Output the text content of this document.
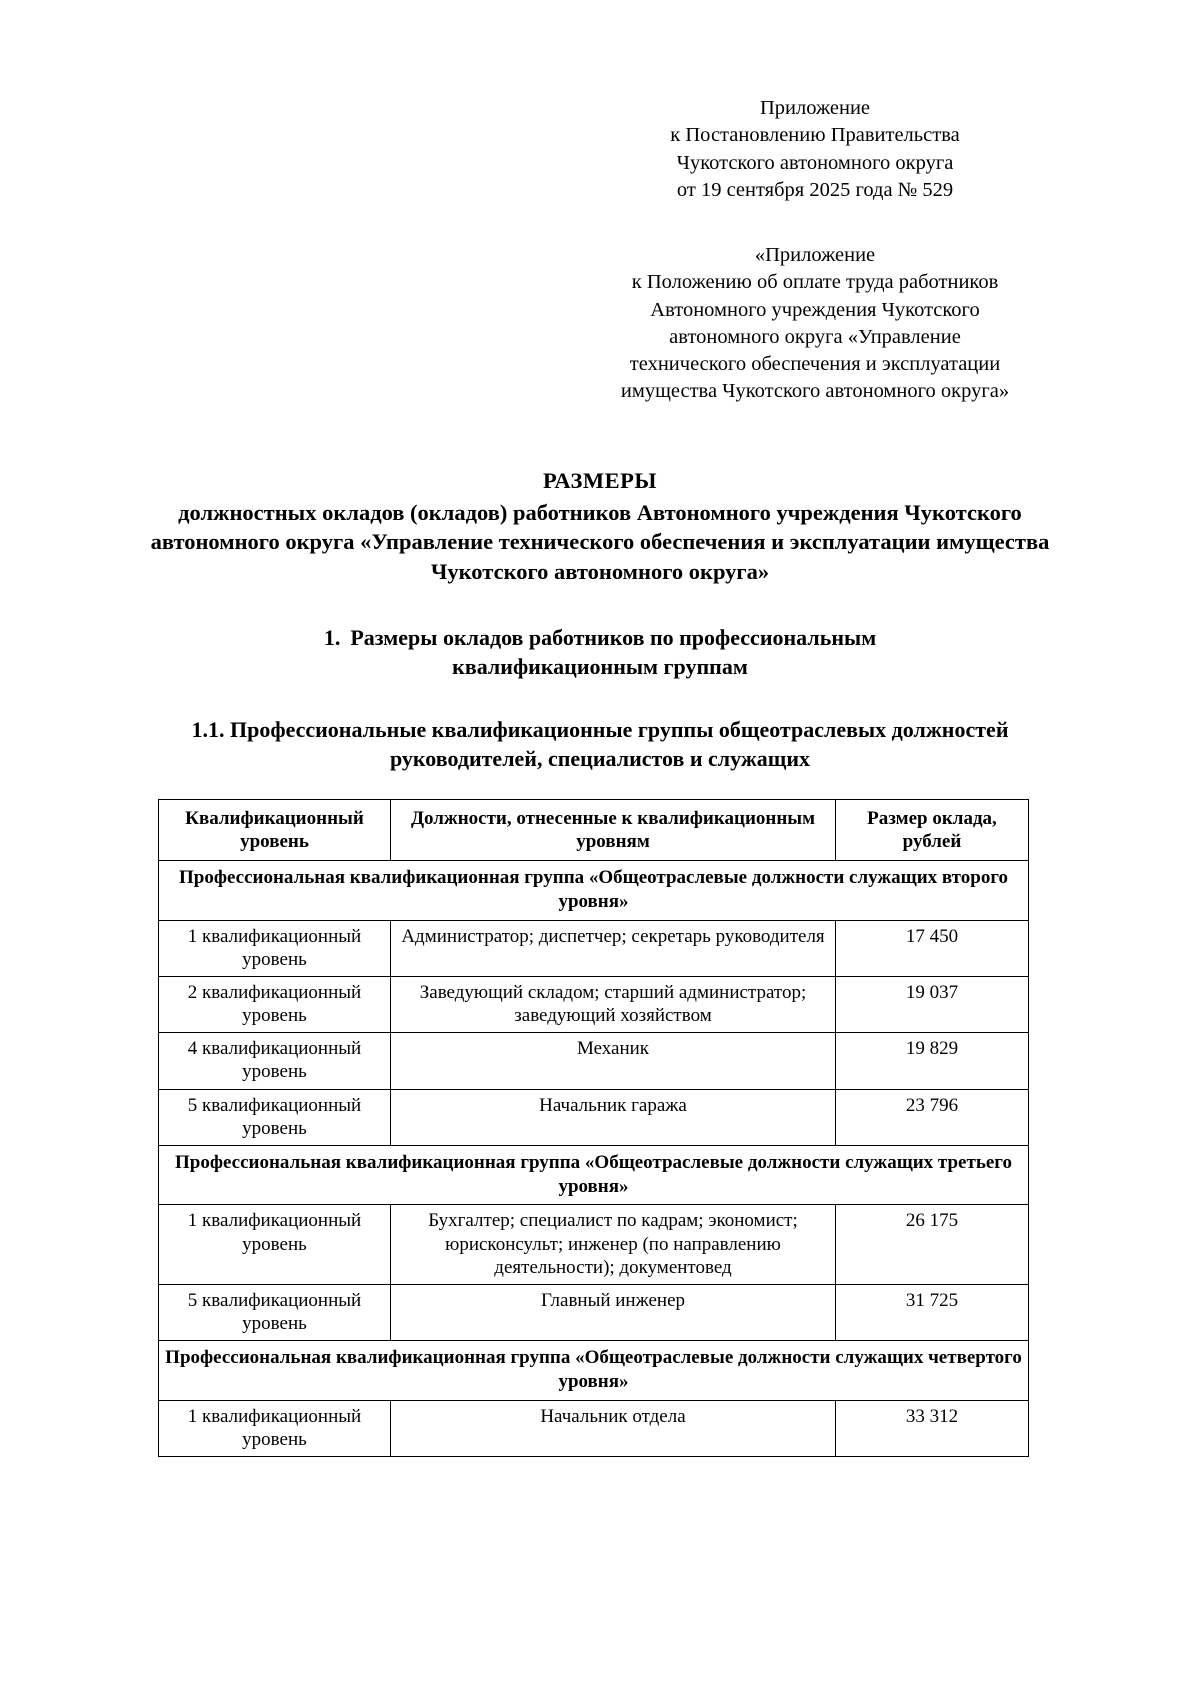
Приложение
к Постановлению Правительства
Чукотского автономного округа
от 19 сентября 2025 года № 529
«Приложение
к Положению об оплате труда работников
Автономного учреждения Чукотского
автономного округа «Управление
технического обеспечения и эксплуатации
имущества Чукотского автономного округа»
РАЗМЕРЫ
должностных окладов (окладов) работников Автономного учреждения Чукотского автономного округа «Управление технического обеспечения и эксплуатации имущества Чукотского автономного округа»
1. Размеры окладов работников по профессиональным квалификационным группам
1.1. Профессиональные квалификационные группы общеотраслевых должностей руководителей, специалистов и служащих
Квалификационный уровень	Должности, отнесенные к квалификационным уровням	Размер оклада, рублей
Профессиональная квалификационная группа «Общеотраслевые должности служащих второго уровня»		
1 квалификационный уровень	Администратор; диспетчер; секретарь руководителя	17 450
2 квалификационный уровень	Заведующий складом; старший администратор; заведующий хозяйством	19 037
4 квалификационный уровень	Механик	19 829
5 квалификационный уровень	Начальник гаража	23 796
Профессиональная квалификационная группа «Общеотраслевые должности служащих третьего уровня»		
1 квалификационный уровень	Бухгалтер; специалист по кадрам; экономист; юрисконсульт; инженер (по направлению деятельности); документовед	26 175
5 квалификационный уровень	Главный инженер	31 725
Профессиональная квалификационная группа «Общеотраслевые должности служащих четвертого уровня»		
1 квалификационный уровень	Начальник отдела	33 312
